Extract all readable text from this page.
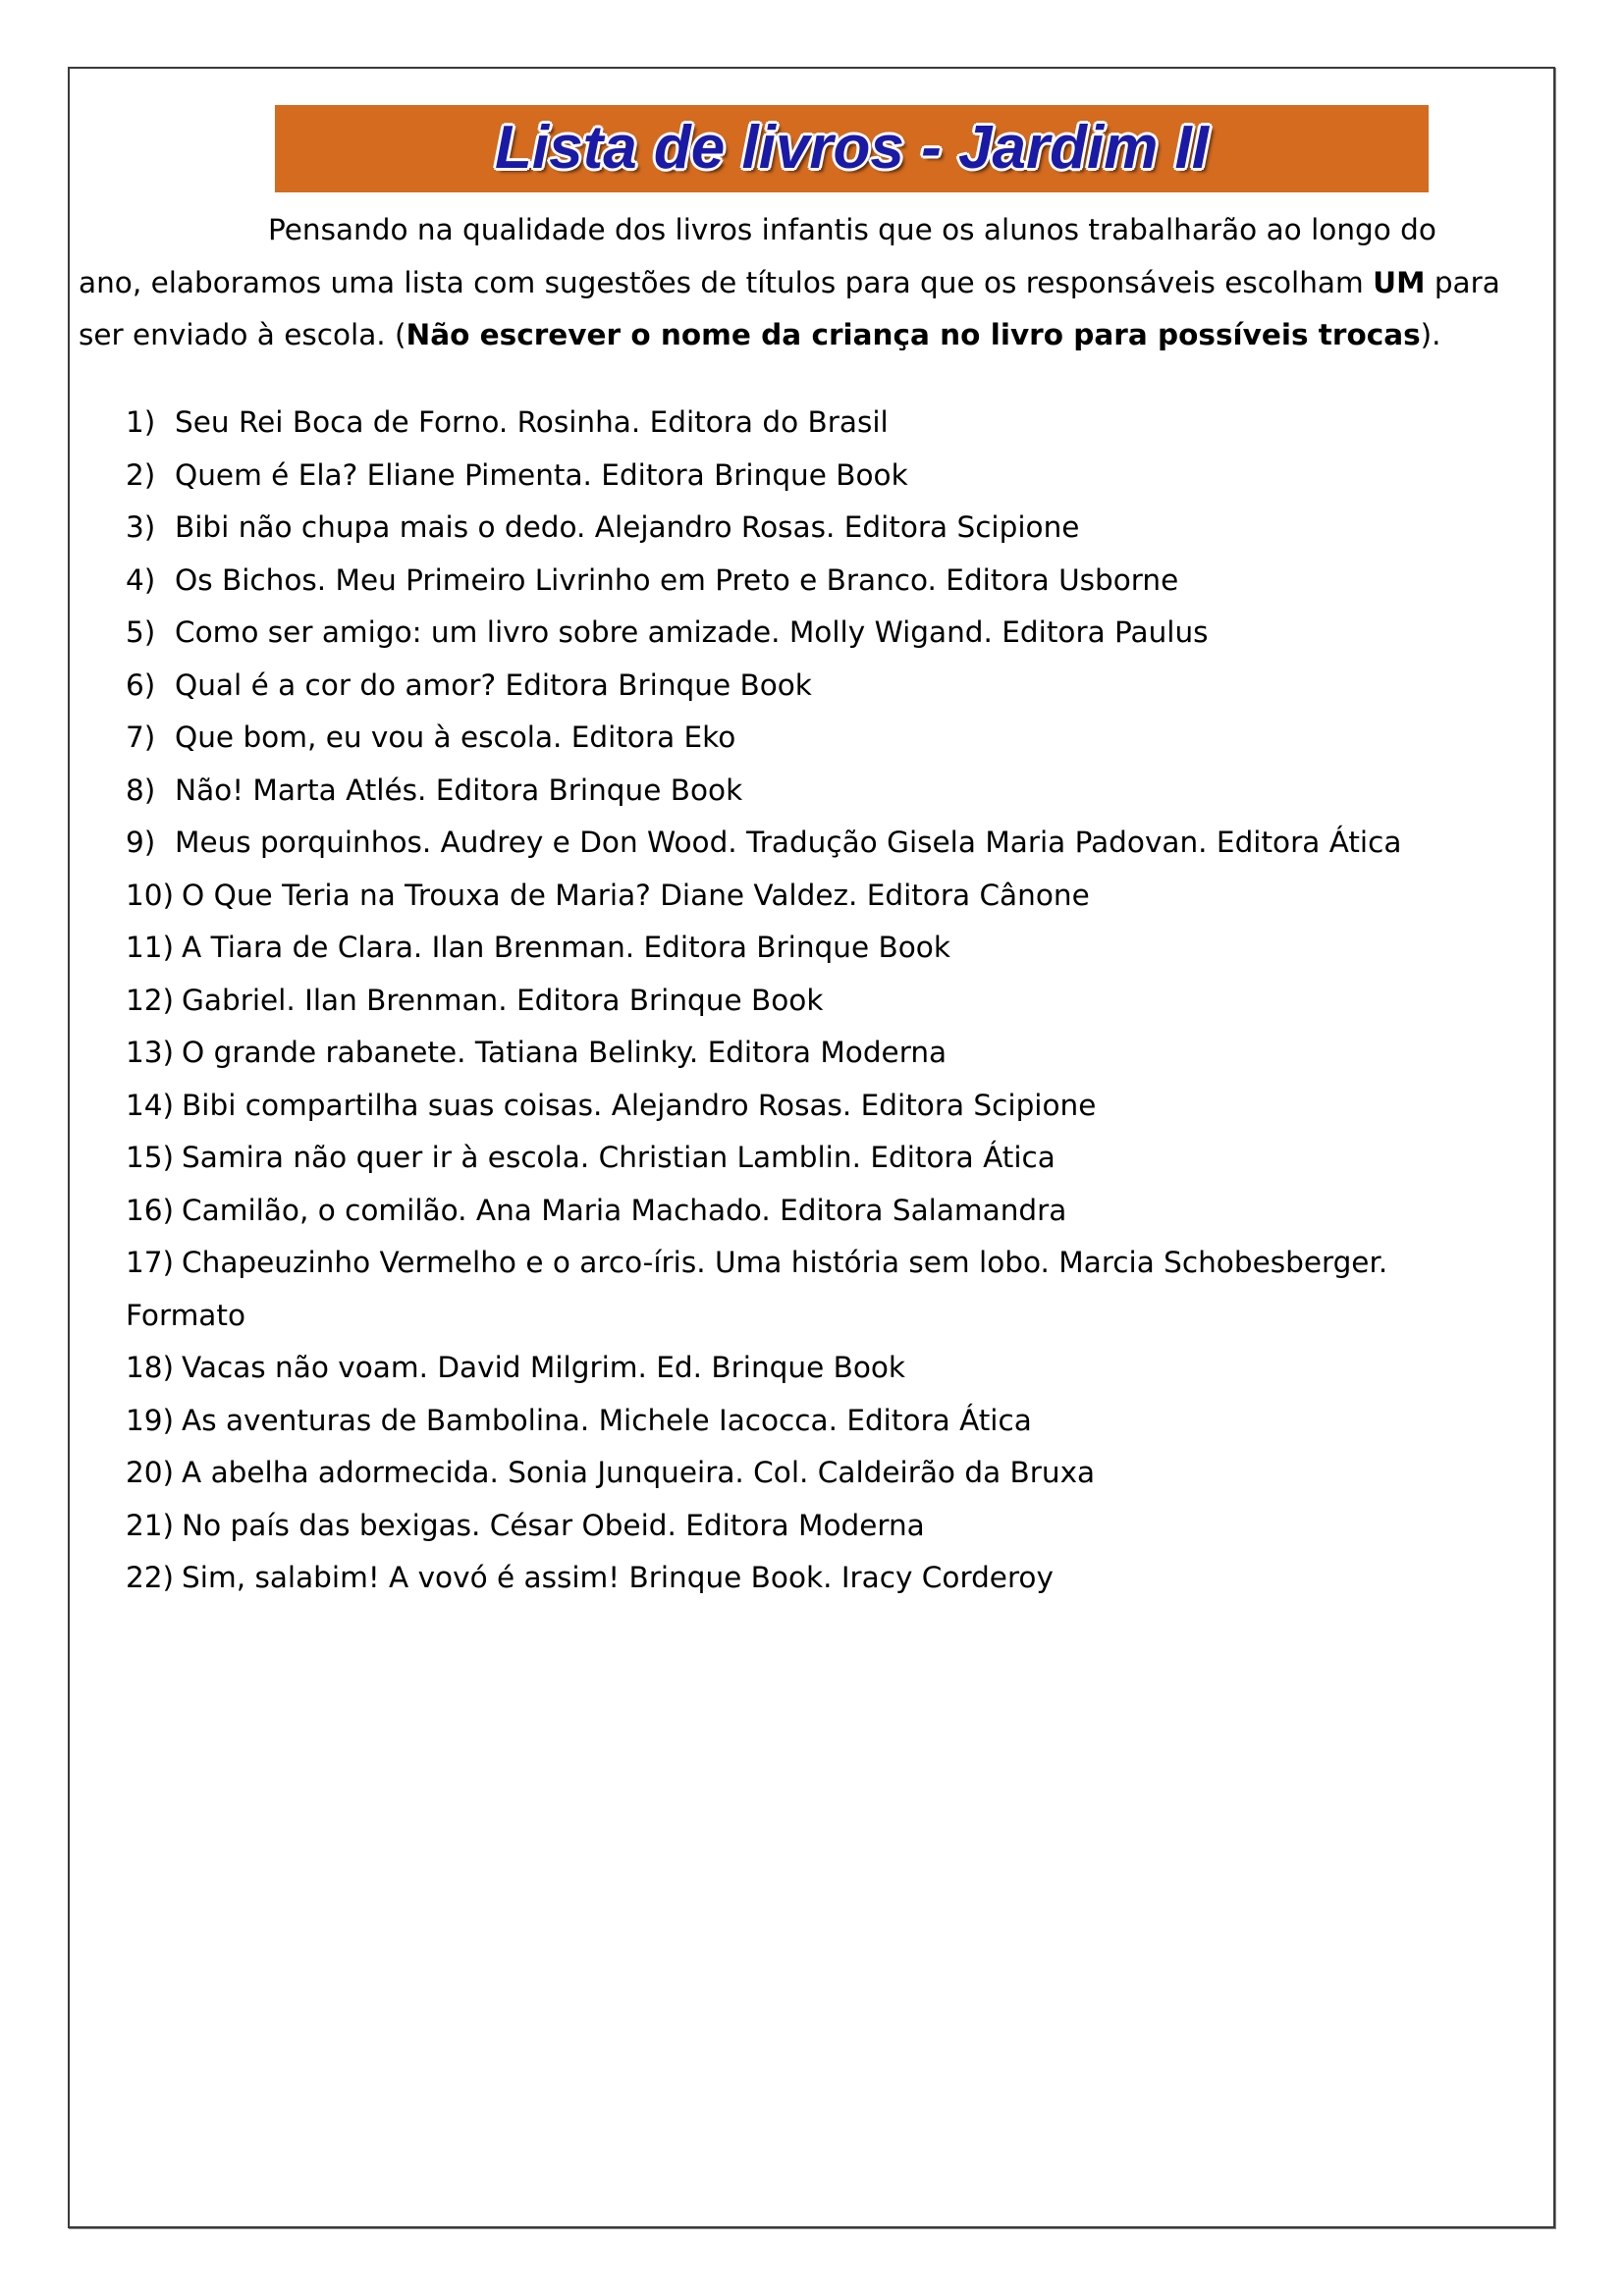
Lista de livros - Jardim II

Pensando na qualidade dos livros infantis que os alunos trabalharão ao longo do

ano, elaboramos uma lista com sugestões de títulos para que os responsáveis escolham UM para

ser enviado à escola. (Não escrever o nome da criança no livro para possíveis trocas).

1) Seu Rei Boca de Forno. Rosinha. Editora do Brasil
2) Quem é Ela? Eliane Pimenta. Editora Brinque Book
3) Bibi não chupa mais o dedo. Alejandro Rosas. Editora Scipione
4) Os Bichos. Meu Primeiro Livrinho em Preto e Branco. Editora Usborne
5) Como ser amigo: um livro sobre amizade. Molly Wigand. Editora Paulus
6) Qual é a cor do amor? Editora Brinque Book
7) Que bom, eu vou à escola. Editora Eko
8) Não! Marta Atlés. Editora Brinque Book
9) Meus porquinhos. Audrey e Don Wood. Tradução Gisela Maria Padovan. Editora Ática
10) O Que Teria na Trouxa de Maria? Diane Valdez. Editora Cânone
11) A Tiara de Clara. Ilan Brenman. Editora Brinque Book
12) Gabriel. Ilan Brenman. Editora Brinque Book
13) O grande rabanete. Tatiana Belinky. Editora Moderna
14) Bibi compartilha suas coisas. Alejandro Rosas. Editora Scipione
15) Samira não quer ir à escola. Christian Lamblin. Editora Ática
16) Camilão, o comilão. Ana Maria Machado. Editora Salamandra
17) Chapeuzinho Vermelho e o arco-íris. Uma história sem lobo. Marcia Schobesberger.
Formato
18) Vacas não voam. David Milgrim. Ed. Brinque Book
19) As aventuras de Bambolina. Michele Iacocca. Editora Ática
20) A abelha adormecida. Sonia Junqueira. Col. Caldeirão da Bruxa
21) No país das bexigas. César Obeid. Editora Moderna
22) Sim, salabim! A vovó é assim! Brinque Book. Iracy Corderoy
